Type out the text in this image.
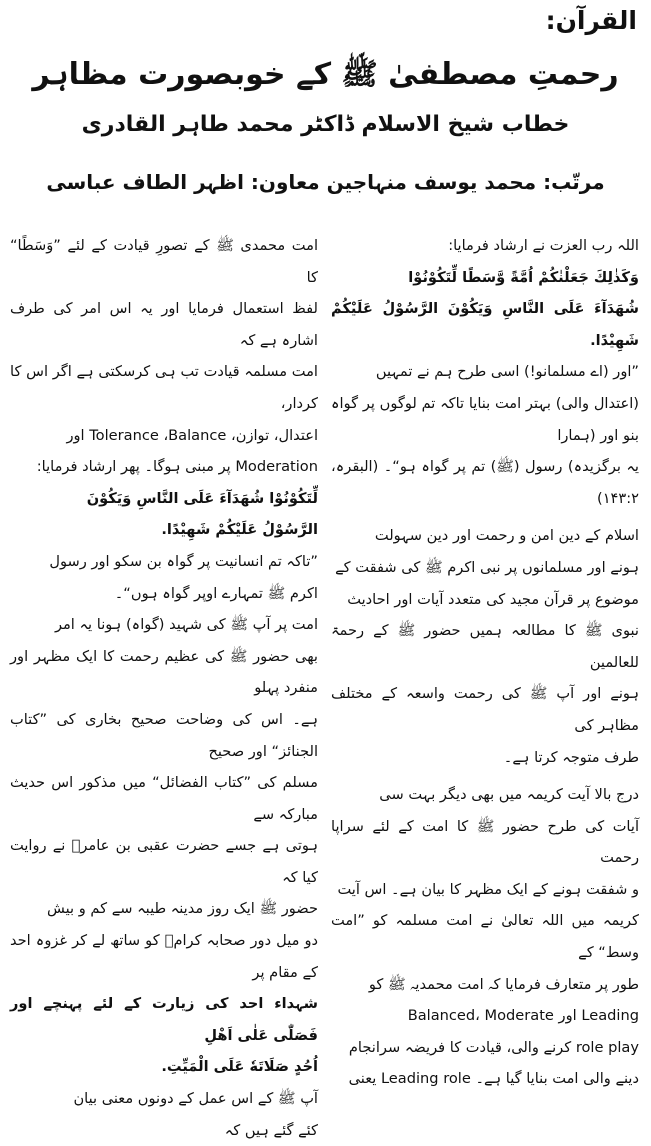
القرآن:
رحمتِ مصطفیٰ ﷺ کے خوبصورت مظاہر
خطاب شیخ الاسلام ڈاکٹر محمد طاہر القادری
مرتّب: محمد یوسف منہاجین معاون: اظہر الطاف عباسی

اللہ رب العزت نے ارشاد فرمایا:

وَكَذٰلِكَ جَعَلْنٰكُمْ اُمَّةً وَّسَطًا لِّتَكُوْنُوْا

شُهَدَآءَ عَلَى النَّاسِ وَيَكُوْنَ الرَّسُوْلُ عَلَيْكُمْ شَهِيْدًا.

”اور (اے مسلمانو!) اسی طرح ہم نے تمہیں

(اعتدال والی) بہتر امت بنایا تاکہ تم لوگوں پر گواہ بنو اور (ہمارا

یہ برگزیدہ) رسول (ﷺ) تم پر گواہ ہو“۔ (البقرہ، ۱۴۳:۲)

اسلام کے دین امن و رحمت اور دین سہولت

ہونے اور مسلمانوں پر نبی اکرم ﷺ کی شفقت کے

موضوع پر قرآن مجید کی متعدد آیات اور احادیث

نبوی ﷺ کا مطالعہ ہمیں حضور ﷺ کے رحمۃ للعالمین

ہونے اور آپ ﷺ کی رحمت واسعہ کے مختلف مظاہر کی

طرف متوجہ کرتا ہے۔

درج بالا آیت کریمہ میں بھی دیگر بہت سی

آیات کی طرح حضور ﷺ کا امت کے لئے سراپا رحمت

و شفقت ہونے کے ایک مظہر کا بیان ہے۔ اس آیت

کریمہ میں اللہ تعالیٰ نے امت مسلمہ کو ”امت وسط“ کے

طور پر متعارف فرمایا کہ امت محمدیہ ﷺ کو

Leading اور Balanced، Moderate

role play کرنے والی، قیادت کا فریضہ سرانجام

دینے والی امت بنایا گیا ہے۔ Leading role یعنی

امت محمدی ﷺ کے تصورِ قیادت کے لئے ”وَسَطًا“ کا

لفظ استعمال فرمایا اور یہ اس امر کی طرف اشارہ ہے کہ

امت مسلمہ قیادت تب ہی کرسکتی ہے اگر اس کا کردار،

اعتدال، توازن، Tolerance ،Balance اور

Moderation پر مبنی ہوگا۔ پھر ارشاد فرمایا:

لِّتَكُوْنُوْا شُهَدَآءَ عَلَى النَّاسِ وَيَكُوْنَ

الرَّسُوْلُ عَلَيْكُمْ شَهِيْدًا.

”تاکہ تم انسانیت پر گواہ بن سکو اور رسول

اکرم ﷺ تمہارے اوپر گواہ ہوں“۔

امت پر آپ ﷺ کی شہید (گواہ) ہونا یہ امر

بھی حضور ﷺ کی عظیم رحمت کا ایک مظہر اور منفرد پہلو

ہے۔ اس کی وضاحت صحیح بخاری کی ”کتاب الجنائز“ اور صحیح

مسلم کی ”کتاب الفضائل“ میں مذکور اس حدیث مبارکہ سے

ہوتی ہے جسے حضرت عقبی بن عامرؓ نے روایت کیا کہ

حضور ﷺ ایک روز مدینہ طیبہ سے کم و بیش

دو میل دور صحابہ کرامؓ کو ساتھ لے کر غزوہ احد کے مقام پر

شہداء احد کی زیارت کے لئے پہنچے اور فَصَلّٰی عَلٰی اَهْلِ

اُحُدٍ صَلَاتَهٗ عَلَى الْمَيِّتِ.

آپ ﷺ کے اس عمل کے دونوں معنی بیان

کئے گئے ہیں کہ
